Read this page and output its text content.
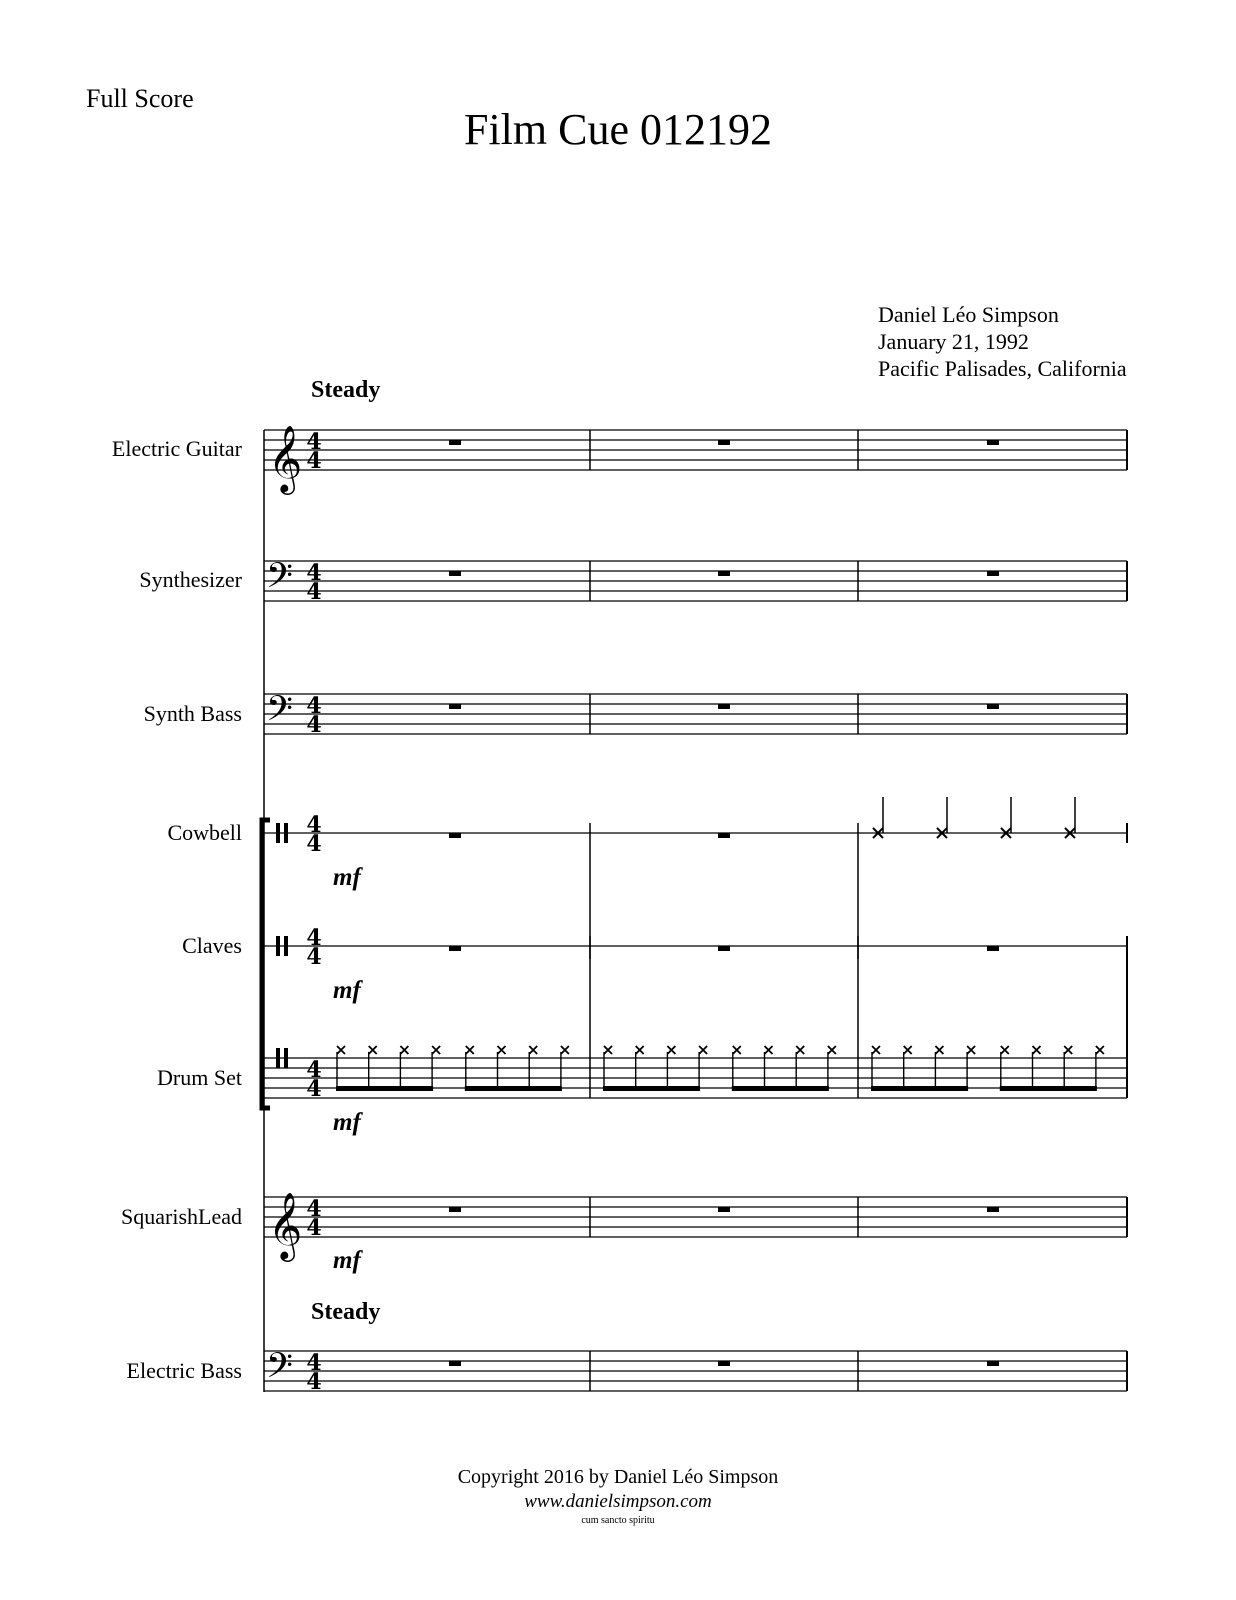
Full Score
Film Cue 012192
Daniel Léo Simpson
January 21, 1992
Pacific Palisades, California
Steady
Steady
Electric Guitar
Synthesizer
Synth Bass
Cowbell
Claves
Drum Set
SquarishLead
Electric Bass
mf
mf
mf
mf
𝄞 4
4
𝄢 4
4
𝄢 4
4
4
4
4
4
4
4
𝄞 4
4
𝄢 4
4
Copyright 2016 by Daniel Léo Simpson
www.danielsimpson.com
cum sancto spiritu
